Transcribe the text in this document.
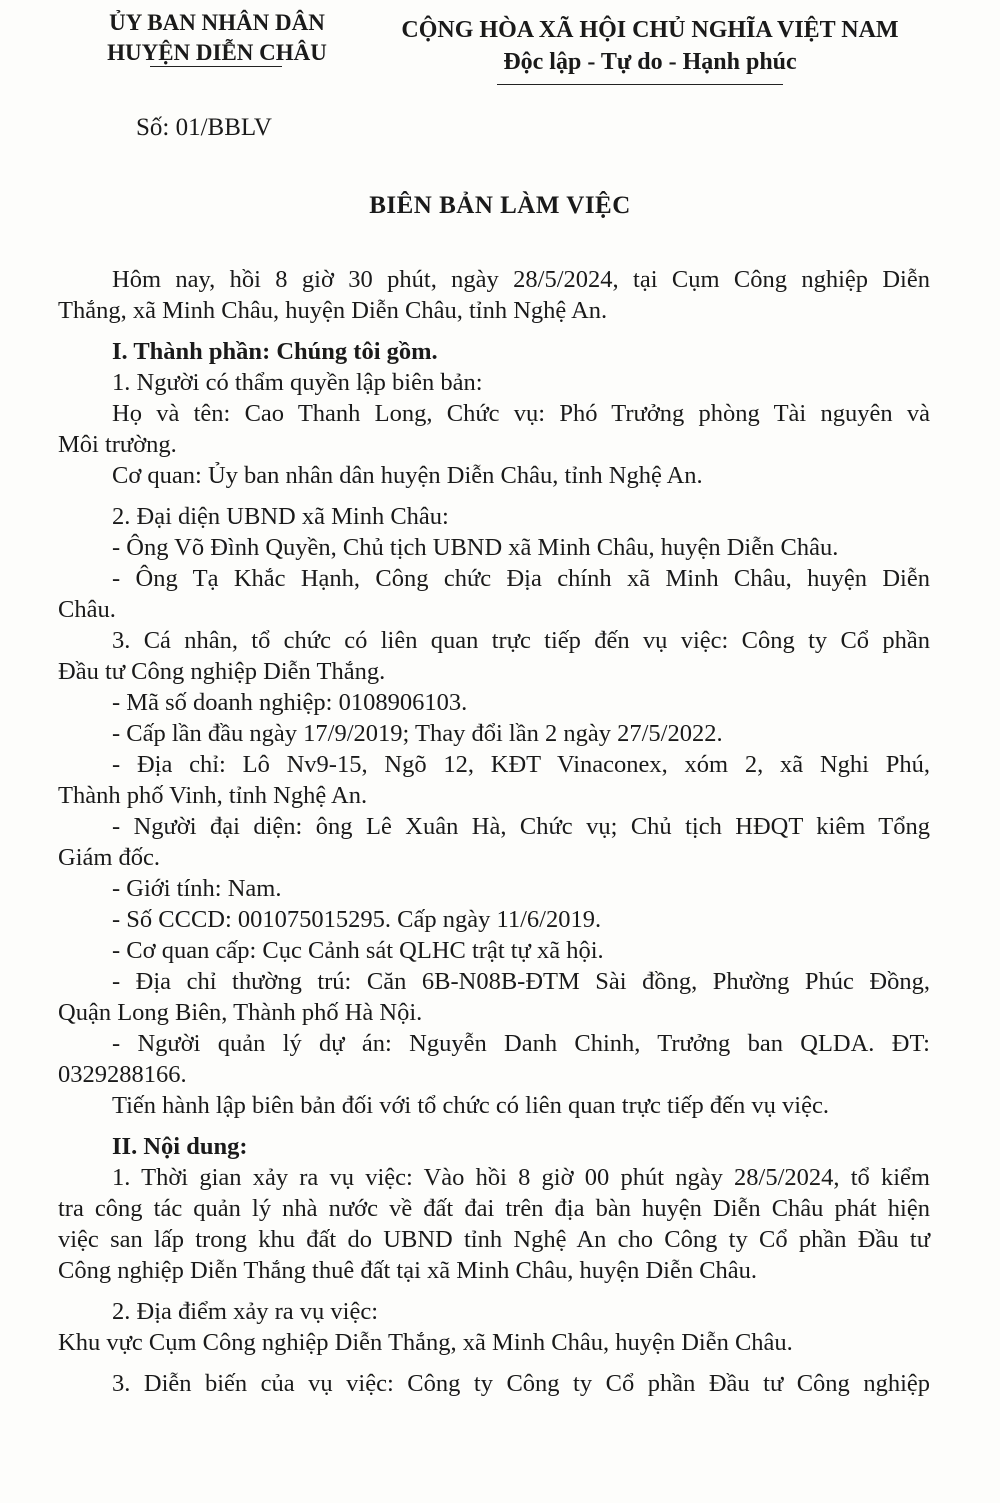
ỦY BAN NHÂN DÂN
HUYỆN DIỄN CHÂU
CỘNG HÒA XÃ HỘI CHỦ NGHĨA VIỆT NAM
Độc lập - Tự do - Hạnh phúc
Số: 01/BBLV
BIÊN BẢN LÀM VIỆC
Hôm nay, hồi 8 giờ 30 phút, ngày 28/5/2024, tại Cụm Công nghiệp Diễn
Thắng, xã Minh Châu, huyện Diễn Châu, tỉnh Nghệ An.
I. Thành phần: Chúng tôi gồm.
1. Người có thẩm quyền lập biên bản:
Họ và tên: Cao Thanh Long, Chức vụ: Phó Trưởng phòng Tài nguyên và
Môi trường.
Cơ quan: Ủy ban nhân dân huyện Diễn Châu, tỉnh Nghệ An.
2. Đại diện UBND xã Minh Châu:
- Ông Võ Đình Quyền, Chủ tịch UBND xã Minh Châu, huyện Diễn Châu.
- Ông Tạ Khắc Hạnh, Công chức Địa chính xã Minh Châu, huyện Diễn
Châu.
3. Cá nhân, tổ chức có liên quan trực tiếp đến vụ việc: Công ty Cổ phần
Đầu tư Công nghiệp Diễn Thắng.
- Mã số doanh nghiệp: 0108906103.
- Cấp lần đầu ngày 17/9/2019; Thay đổi lần 2 ngày 27/5/2022.
- Địa chỉ: Lô Nv9-15, Ngõ 12, KĐT Vinaconex, xóm 2, xã Nghi Phú,
Thành phố Vinh, tỉnh Nghệ An.
- Người đại diện: ông Lê Xuân Hà, Chức vụ; Chủ tịch HĐQT kiêm Tổng
Giám đốc.
- Giới tính: Nam.
- Số CCCD: 001075015295. Cấp ngày 11/6/2019.
- Cơ quan cấp: Cục Cảnh sát QLHC trật tự xã hội.
- Địa chỉ thường trú: Căn 6B-N08B-ĐTM Sài đồng, Phường Phúc Đồng,
Quận Long Biên, Thành phố Hà Nội.
- Người quản lý dự án: Nguyễn Danh Chinh, Trưởng ban QLDA. ĐT:
0329288166.
Tiến hành lập biên bản đối với tổ chức có liên quan trực tiếp đến vụ việc.
II. Nội dung:
1. Thời gian xảy ra vụ việc: Vào hồi 8 giờ 00 phút ngày 28/5/2024, tổ kiểm
tra công tác quản lý nhà nước về đất đai trên địa bàn huyện Diễn Châu phát hiện
việc san lấp trong khu đất do UBND tỉnh Nghệ An cho Công ty Cổ phần Đầu tư
Công nghiệp Diễn Thắng thuê đất tại xã Minh Châu, huyện Diễn Châu.
2. Địa điểm xảy ra vụ việc:
Khu vực Cụm Công nghiệp Diễn Thắng, xã Minh Châu, huyện Diễn Châu.
3. Diễn biến của vụ việc: Công ty Công ty Cổ phần Đầu tư Công nghiệp
